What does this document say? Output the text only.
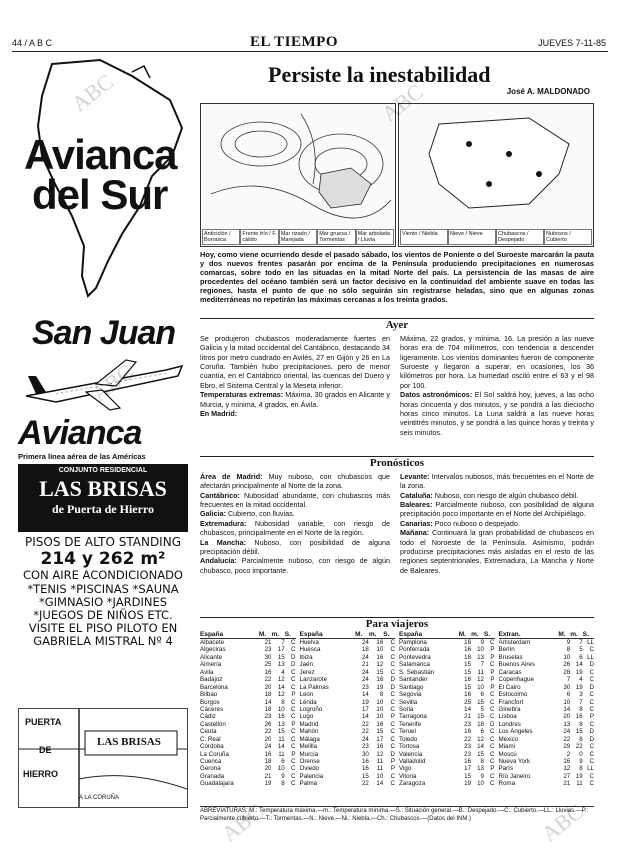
44 / A B C	EL TIEMPO	JUEVES 7-11-85
Avianca
del Sur
San Juan
Avianca
Primera línea aérea de las Américas
CONJUNTO RESIDENCIAL
LAS BRISAS
de Puerta de Hierro
PISOS DE ALTO STANDING
214 y 262 m²
CON AIRE ACONDICIONADO
*TENIS *PISCINAS *SAUNA
*GIMNASIO *JARDINES
*JUEGOS DE NIÑOS ETC.
VISITE EL PISO PILOTO EN
GABRIELA MISTRAL Nº 4
PUERTA
DE
HIERRO
LAS BRISAS
A LA CORUÑA
Persiste la inestabilidad
José A. MALDONADO
Anticiclón / Borrasca
Frente frío / F. cálido
Mar rizado / Marejada
Mar gruesa / Tormentas
Mar arbolada / Lluvia
Viento / Niebla	Nieve / Nieve	Chubascos / Despejado
Nubosos / Cubierto
Hoy, como viene ocurriendo desde el pasado sábado, los vientos de Poniente o del Suroeste marcarán la pauta y dos nuevos frentes pasarán por encima de la Península produciendo precipitaciones en numerosas comarcas, sobre todo en las situadas en la mitad Norte del país. La persistencia de las masas de aire procedentes del océano también será un factor decisivo en la continuidad del ambiente suave en todas las regiones, hasta el punto de que no sólo seguirán sin registrarse heladas, sino que en algunas zonas mediterráneas no repetirán las máximas cercanas a los treinta grados.
Ayer
Se produjeron chubascos moderadamente fuertes en Galicia y la mitad occidental del Cantábrico, destacando 34 litros por metro cuadrado en Avilés, 27 en Gijón y 26 en La Coruña. También hubo precipitaciones, pero de menor cuantía, en el Cantábrico oriental, las cuencas del Duero y Ebro, el Sistema Central y la Meseta inferior.
Temperaturas extremas: Máxima, 30 grados en Alicante y Murcia, y mínima, 4 grados, en Ávila.
En Madrid:
Máxima, 22 grados, y mínima, 16. La presión a las nueve horas era de 704 milímetros, con tendencia a descender ligeramente. Los vientos dominantes fueron de componente Suroeste y llegaron a superar, en ocasiones, los 36 kilómetros por hora. La humedad osciló entre el 63 y el 98 por 100.
Datos astronómicos: El Sol saldrá hoy, jueves, a las ocho horas cincuenta y dos minutos, y se pondrá a las dieciocho horas cinco minutos. La Luna saldrá a las nueve horas veintitrés minutos, y se pondrá a las quince horas y treinta y seis minutos.
Pronósticos
Área de Madrid: Muy nuboso, con chubascos que afectarán principalmente al Norte de la zona.
Cantábrico: Nubosidad abundante, con chubascos más frecuentes en la mitad occidental.
Galicia: Cubierto, con lluvias.
Extremadura: Nubosidad variable, con riesgo de chubascos, principalmente en el Norte de la región.
La Mancha: Nuboso, con posibilidad de alguna precipitación débil.
Andalucía: Parcialmente nuboso, con riesgo de algún chubasco, poco importante.
Levante: Intervalos nubosos, más frecuentes en el Norte de la zona.
Cataluña: Nuboso, con riesgo de algún chubasco débil.
Baleares: Parcialmente nuboso, con posibilidad de alguna precipitación poco importante en el Norte del Archipiélago.
Canarias: Poco nuboso o despejado.
Mañana: Continuará la gran probabilidad de chubascos en todo el Noroeste de la Península. Asimismo, podrán producirse precipitaciones más aisladas en el resto de las regiones septentrionales, Extremadura, La Mancha y Norte de Baleares.
Para viajeros
España	M.	m.	S.
Albacete	21	7	C
Algeciras	23	17	C
Alicante	30	15	D
Almería	25	13	D
Ávila	16	4	C
Badajoz	22	12	C
Barcelona	20	14	C
Bilbao	18	12	P
Burgos	14	8	C
Cáceres	18	10	C
Cádiz	23	16	C
Castellón	26	13	P
Ceuta	22	15	C
C. Real	20	11	C
Córdoba	24	14	C
La Coruña	16	11	P
Cuenca	18	6	C
Gerona	20	10	C
Granada	21	9	C
Guadalajara	19	8	C
España	M.	m.	S.
Huelva	24	16	C
Huesca	18	10	C
Ibiza	24	16	C
Jaén	21	12	C
Jerez	24	15	C
Lanzarote	24	16	D
La Palmas	23	19	D
León	14	8	C
Lérida	19	10	C
Logroño	17	10	C
Lugo	14	10	P
Madrid	22	16	C
Mahón	22	15	C
Málaga	24	17	C
Melilla	23	16	C
Murcia	30	12	D
Orense	16	11	P
Oviedo	16	11	P
Palencia	15	10	C
Palma	22	14	C
España	M.	m.	S.
Pamplona	16	9	C
Ponferrada	16	10	P
Pontevedra	18	13	P
Salamanca	15	7	C
S. Sebastián	15	11	P
Santander	16	12	P
Santiago	15	10	P
Segovia	16	6	C
Sevilla	25	15	C
Soria	14	5	C
Tarragona	21	15	C
Tenerife	23	18	D
Teruel	16	6	C
Toledo	22	12	C
Tortosa	23	14	C
Valencia	23	15	C
Valladolid	16	8	C
Vigo	17	13	P
Vitoria	15	9	C
Zaragoza	19	10	C
Extran.	M.	m.	S.
Amsterdam	9	7	LL
Berlín	8	5	C
Bruselas	10	6	LL
Buenos Aires	26	14	D
Caracas	28	19	C
Copenhague	7	4	C
El Cairo	30	19	D
Estocolmo	6	3	C
Francfort	10	7	C
Ginebra	14	8	C
Lisboa	20	16	P
Londres	13	8	C
Los Ángeles	24	15	D
México	22	8	D
Miami	29	22	C
Moscú	2	0	C
Nueva York	16	9	C
París	12	8	LL
Río Janeiro	27	19	C
Roma	21	11	C
ABREVIATURAS: M.: Temperatura máxima.—m.: Temperatura mínima.—S.: Situación general.—B.: Despejado.—C.: Cubierto.—LL.: Lluvias.—P.: Parcialmente cubierto.—T.: Tormentas.—N.: Nieve.—Ni.: Niebla.—Ch.: Chubascos.—(Datos del INM.)
ABC	ABC
